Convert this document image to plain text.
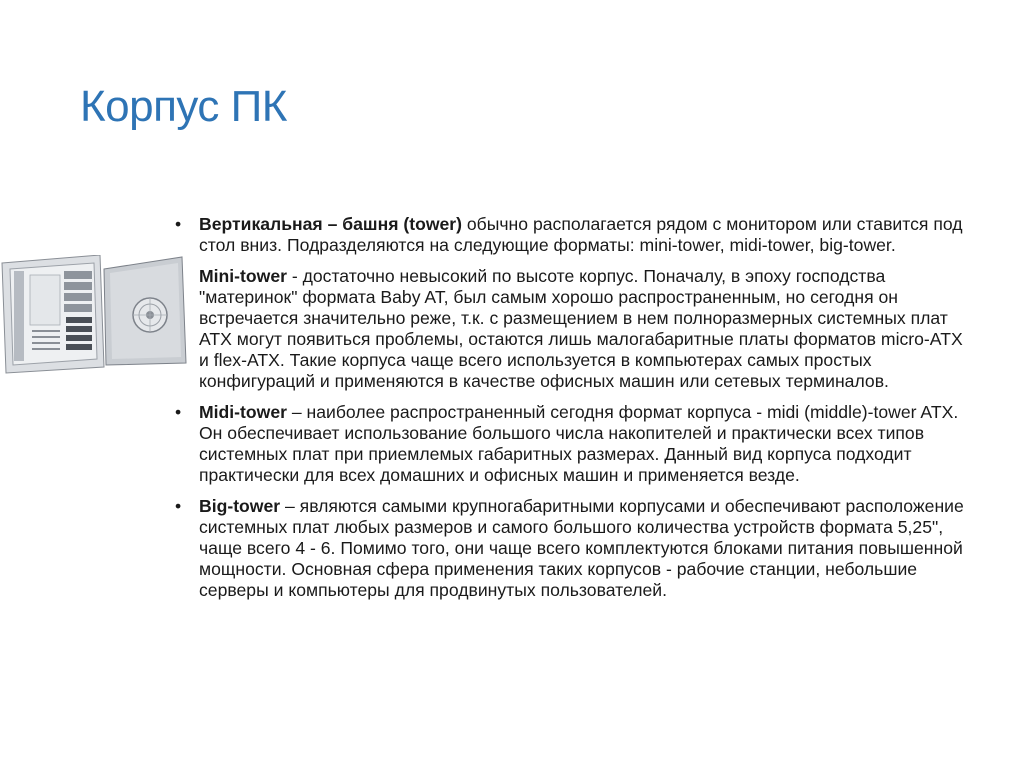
Корпус ПК
• Вертикальная – башня (tower) обычно располагается рядом с монитором или ставится под стол вниз. Подразделяются на следующие форматы: mini-tower, midi-tower, big-tower.
Mini-tower - достаточно невысокий по высоте корпус. Поначалу, в эпоху господства "материнок" формата Baby AT, был самым хорошо распространенным, но сегодня он встречается значительно реже, т.к. с размещением в нем полноразмерных системных плат ATX могут появиться проблемы, остаются лишь малогабаритные платы форматов micro-ATX и flex-ATX. Такие корпуса чаще всего используется в компьютерах самых простых конфигураций и применяются в качестве офисных машин или сетевых терминалов.
• Midi-tower – наиболее распространенный сегодня формат корпуса - midi (middle)-tower ATX. Он обеспечивает использование большого числа накопителей и практически всех типов системных плат при приемлемых габаритных размерах. Данный вид корпуса подходит практически для всех домашних и офисных машин и применяется везде.
• Big-tower – являются самыми крупногабаритными корпусами и обеспечивают расположение системных плат любых размеров и самого большого количества устройств формата 5,25", чаще всего 4 - 6. Помимо того, они чаще всего комплектуются блоками питания повышенной мощности. Основная сфера применения таких корпусов - рабочие станции, небольшие серверы и компьютеры для продвинутых пользователей.
